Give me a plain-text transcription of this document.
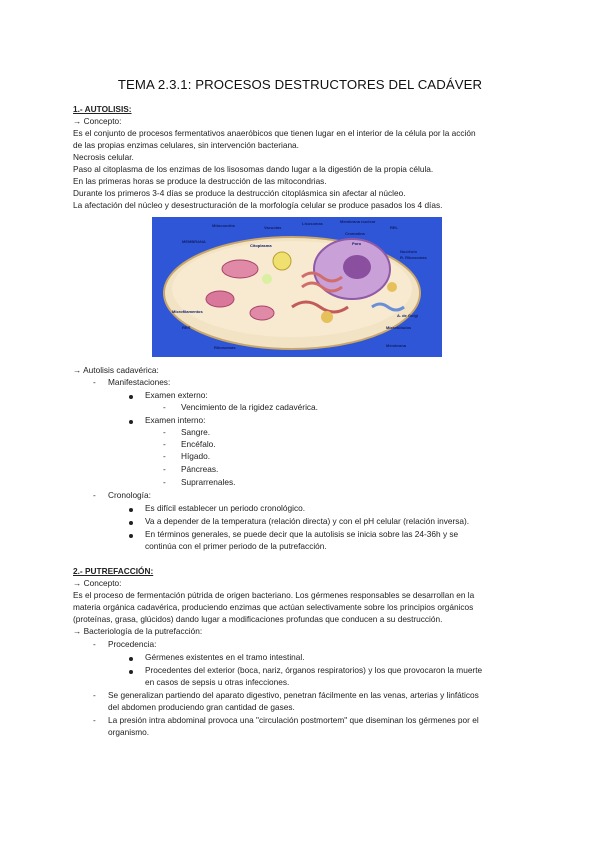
TEMA 2.3.1: PROCESOS DESTRUCTORES DEL CADÁVER
1.- AUTOLISIS:
→ Concepto:
Es el conjunto de procesos fermentativos anaeróbicos que tienen lugar en el interior de la célula por la acción
de las propias enzimas celulares, sin intervención bacteriana.
Necrosis celular.
Paso al citoplasma de los enzimas de los lisosomas dando lugar a la digestión de la propia célula.
En las primeras horas se produce la destrucción de las mitocondrias.
Durante los primeros 3-4 días se produce la destrucción citoplásmica sin afectar al núcleo.
La afectación del núcleo y desestructuración de la morfología celular se produce pasados los 4 días.
Mitocondria	Vacuolas
Lisosomas	Membrana nuclear
REL
MEMBRANA
Citoplasma
Cromatina
Poro
Nucléolo
R. Ribosomas
Microfilamentos
RER
A. de Golgi
Microtúbulos
Ribosomas	Membrana
→ Autolisis cadavérica:
- Manifestaciones:
Examen externo:
- Vencimiento de la rigidez cadavérica.
Examen interno:
- Sangre.
- Encéfalo.
- Hígado.
- Páncreas.
- Suprarrenales.
- Cronología:
Es difícil establecer un periodo cronológico.
Va a depender de la temperatura (relación directa) y con el pH celular (relación inversa).
En términos generales, se puede decir que la autolisis se inicia sobre las 24-36h y se
continúa con el primer periodo de la putrefacción.
2.- PUTREFACCIÓN:
→ Concepto:
Es el proceso de fermentación pútrida de origen bacteriano. Los gérmenes responsables se desarrollan en la
materia orgánica cadavérica, produciendo enzimas que actúan selectivamente sobre los principios orgánicos
(proteínas, grasa, glúcidos) dando lugar a modificaciones profundas que conducen a su destrucción.
→ Bacteriología de la putrefacción:
- Procedencia:
Gérmenes existentes en el tramo intestinal.
Procedentes del exterior (boca, nariz, órganos respiratorios) y los que provocaron la muerte
en casos de sepsis u otras infecciones.
- Se generalizan partiendo del aparato digestivo, penetran fácilmente en las venas, arterias y linfáticos
del abdomen produciendo gran cantidad de gases.
- La presión intra abdominal provoca una "circulación postmortem" que diseminan los gérmenes por el
organismo.
